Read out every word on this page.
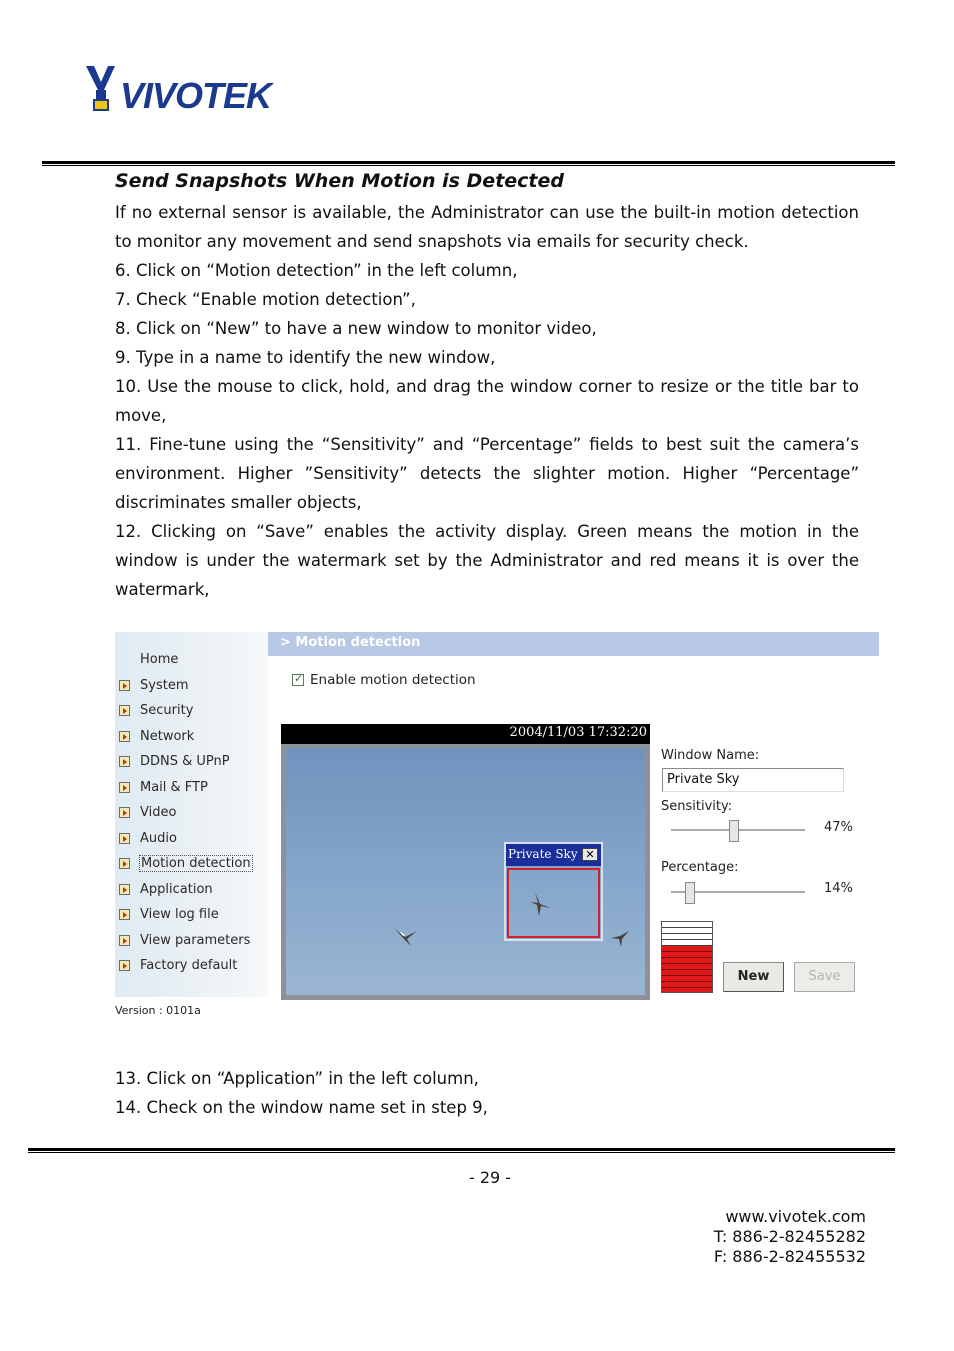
VIVOTEK
Send Snapshots When Motion is Detected

If no external sensor is available, the Administrator can use the built-in motion detection to monitor any movement and send snapshots via emails for security check.

6. Click on “Motion detection” in the left column,

7. Check “Enable motion detection”,

8. Click on “New” to have a new window to monitor video,

9. Type in a name to identify the new window,

10. Use the mouse to click, hold, and drag the window corner to resize or the title bar to move,

11. Fine-tune using the “Sensitivity” and “Percentage” fields to best suit the camera’s environment. Higher ”Sensitivity” detects the slighter motion. Higher “Percentage” discriminates smaller objects,

12. Clicking on “Save” enables the activity display. Green means the motion in the window is under the watermark set by the Administrator and red means it is over the watermark,

Home
System
Security
Network
DDNS & UPnP
Mail & FTP
Video
Audio
Motion detection
Application
View log file
View parameters
Factory default
Version : 0101a
> Motion detection
✓Enable motion detection
2004/11/03 17:32:20
Private Sky ✕
Window Name:
Private Sky
Sensitivity:
47%
Percentage:
14%
New	Save

13. Click on “Application” in the left column,

14. Check on the window name set in step 9,

- 29 -
www.vivotek.com
T: 886-2-82455282
F: 886-2-82455532
